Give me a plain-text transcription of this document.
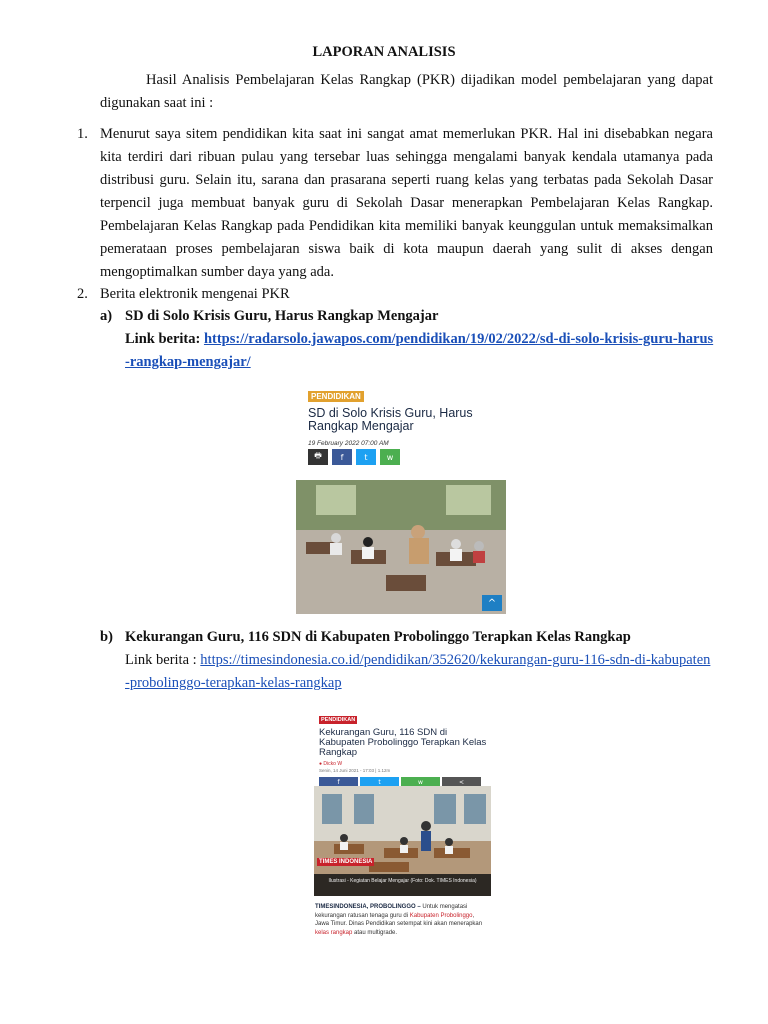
LAPORAN ANALISIS
Hasil Analisis Pembelajaran Kelas Rangkap (PKR) dijadikan model pembelajaran yang dapat digunakan saat ini :
1. Menurut saya sitem pendidikan kita saat ini sangat amat memerlukan PKR. Hal ini disebabkan negara kita terdiri dari ribuan pulau yang tersebar luas sehingga mengalami banyak kendala utamanya pada distribusi guru. Selain itu, sarana dan prasarana seperti ruang kelas yang terbatas pada Sekolah Dasar terpencil juga membuat banyak guru di Sekolah Dasar menerapkan Pembelajaran Kelas Rangkap. Pembelajaran Kelas Rangkap pada Pendidikan kita memiliki banyak keunggulan untuk memaksimalkan pemerataan proses pembelajaran siswa baik di kota maupun daerah yang sulit di akses dengan mengoptimalkan sumber daya yang ada.
2. Berita elektronik mengenai PKR
a) SD di Solo Krisis Guru, Harus Rangkap Mengajar
Link berita: https://radarsolo.jawapos.com/pendidikan/19/02/2022/sd-di-solo-krisis-guru-harus-rangkap-mengajar/
PENDIDIKAN
SD di Solo Krisis Guru, Harus Rangkap Mengajar
19 February 2022 07:00 AM
🖶	f	t	w
^
b) Kekurangan Guru, 116 SDN di Kabupaten Probolinggo Terapkan Kelas Rangkap
Link berita : https://timesindonesia.co.id/pendidikan/352620/kekurangan-guru-116-sdn-di-kabupaten-probolinggo-terapkan-kelas-rangkap
PENDIDIKAN
Kekurangan Guru, 116 SDN di Kabupaten Probolinggo Terapkan Kelas Rangkap
● Dicko W
Senin, 14 Juni 2021 - 17:03 | 1.12m
f	t	w	<
TIMES INDONESIA
Ilustrasi - Kegiatan Belajar Mengajar (Foto: Dok. TIMES Indonesia)
TIMESINDONESIA, PROBOLINGGO – Untuk mengatasi kekurangan ratusan tenaga guru di Kabupaten Probolinggo, Jawa Timur. Dinas Pendidikan setempat kini akan menerapkan kelas rangkap atau multigrade.
